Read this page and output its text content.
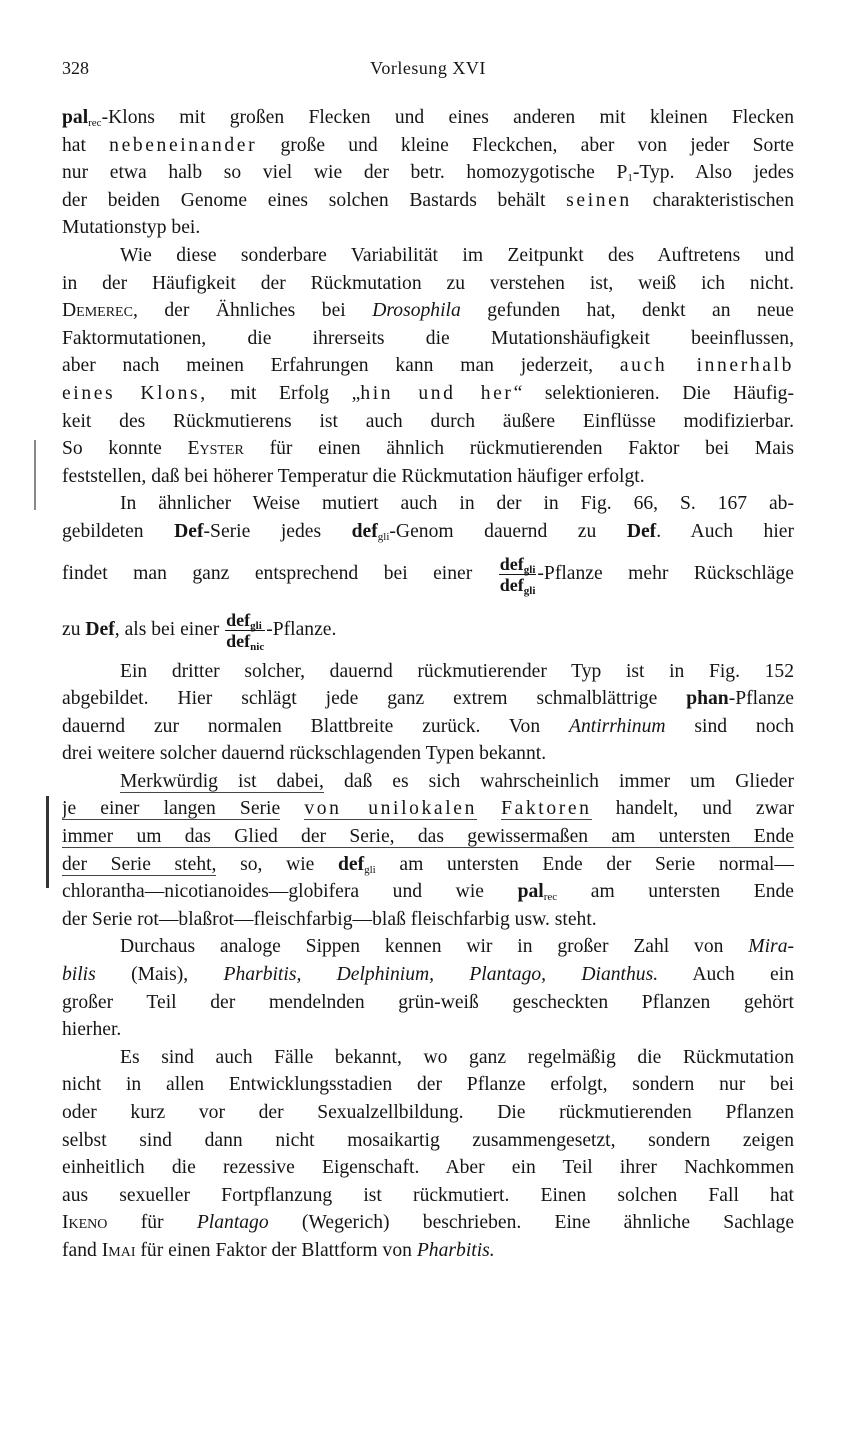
328	Vorlesung XVI
pal$_{rec}$-Klons mit großen Flecken und eines anderen mit kleinen Flecken
hat nebeneinander große und kleine Fleckchen, aber von jeder Sorte
nur etwa halb so viel wie der betr. homozygotische $P_1$-Typ. Also jedes
der beiden Genome eines solchen Bastards behält seinen charakteristischen
Mutationstyp bei.
Wie diese sonderbare Variabilität im Zeitpunkt des Auftretens und
in der Häufigkeit der Rückmutation zu verstehen ist, weiß ich nicht.
Demerec, der Ähnliches bei Drosophila gefunden hat, denkt an neue
Faktormutationen, die ihrerseits die Mutationshäufigkeit beeinflussen,
aber nach meinen Erfahrungen kann man jederzeit, auch innerhalb
eines Klons, mit Erfolg „hin und her“ selektionieren. Die Häufig-
keit des Rückmutierens ist auch durch äußere Einflüsse modifizierbar.
So konnte Eyster für einen ähnlich rückmutierenden Faktor bei Mais
feststellen, daß bei höherer Temperatur die Rückmutation häufiger erfolgt.
In ähnlicher Weise mutiert auch in der in Fig. 66, S. 167 ab-
gebildeten Def-Serie jedes def$_{gli}$-Genom dauernd zu Def. Auch hier
findet man ganz entsprechend bei einer $\frac{def_{gli}}{def_{gli}}$ -Pflanze mehr Rückschläge
zu Def, als bei einer $\frac{def_{gli}}{def_{nic}}$ -Pflanze.
Ein dritter solcher, dauernd rückmutierender Typ ist in Fig. 152
abgebildet. Hier schlägt jede ganz extrem schmalblättrige phan-Pflanze
dauernd zur normalen Blattbreite zurück. Von Antirrhinum sind noch
drei weitere solcher dauernd rückschlagenden Typen bekannt.
Merkwürdig ist dabei, daß es sich wahrscheinlich immer um Glieder
je einer langen Serie von unilokalen Faktoren handelt, und zwar
immer um das Glied der Serie, das gewissermaßen am untersten Ende
der Serie steht, so, wie def$_{gli}$ am untersten Ende der Serie normal—
chlorantha—nicotianoides—globifera und wie pal$_{rec}$ am untersten Ende
der Serie rot—blaßrot—fleischfarbig—blaß fleischfarbig usw. steht.
Durchaus analoge Sippen kennen wir in großer Zahl von Mira-
bilis (Mais), Pharbitis, Delphinium, Plantago, Dianthus. Auch ein
großer Teil der mendelnden grün-weiß gescheckten Pflanzen gehört
hierher.
Es sind auch Fälle bekannt, wo ganz regelmäßig die Rückmutation
nicht in allen Entwicklungsstadien der Pflanze erfolgt, sondern nur bei
oder kurz vor der Sexualzellbildung. Die rückmutierenden Pflanzen
selbst sind dann nicht mosaikartig zusammengesetzt, sondern zeigen
einheitlich die rezessive Eigenschaft. Aber ein Teil ihrer Nachkommen
aus sexueller Fortpflanzung ist rückmutiert. Einen solchen Fall hat
Ikeno für Plantago (Wegerich) beschrieben. Eine ähnliche Sachlage
fand Imai für einen Faktor der Blattform von Pharbitis.
